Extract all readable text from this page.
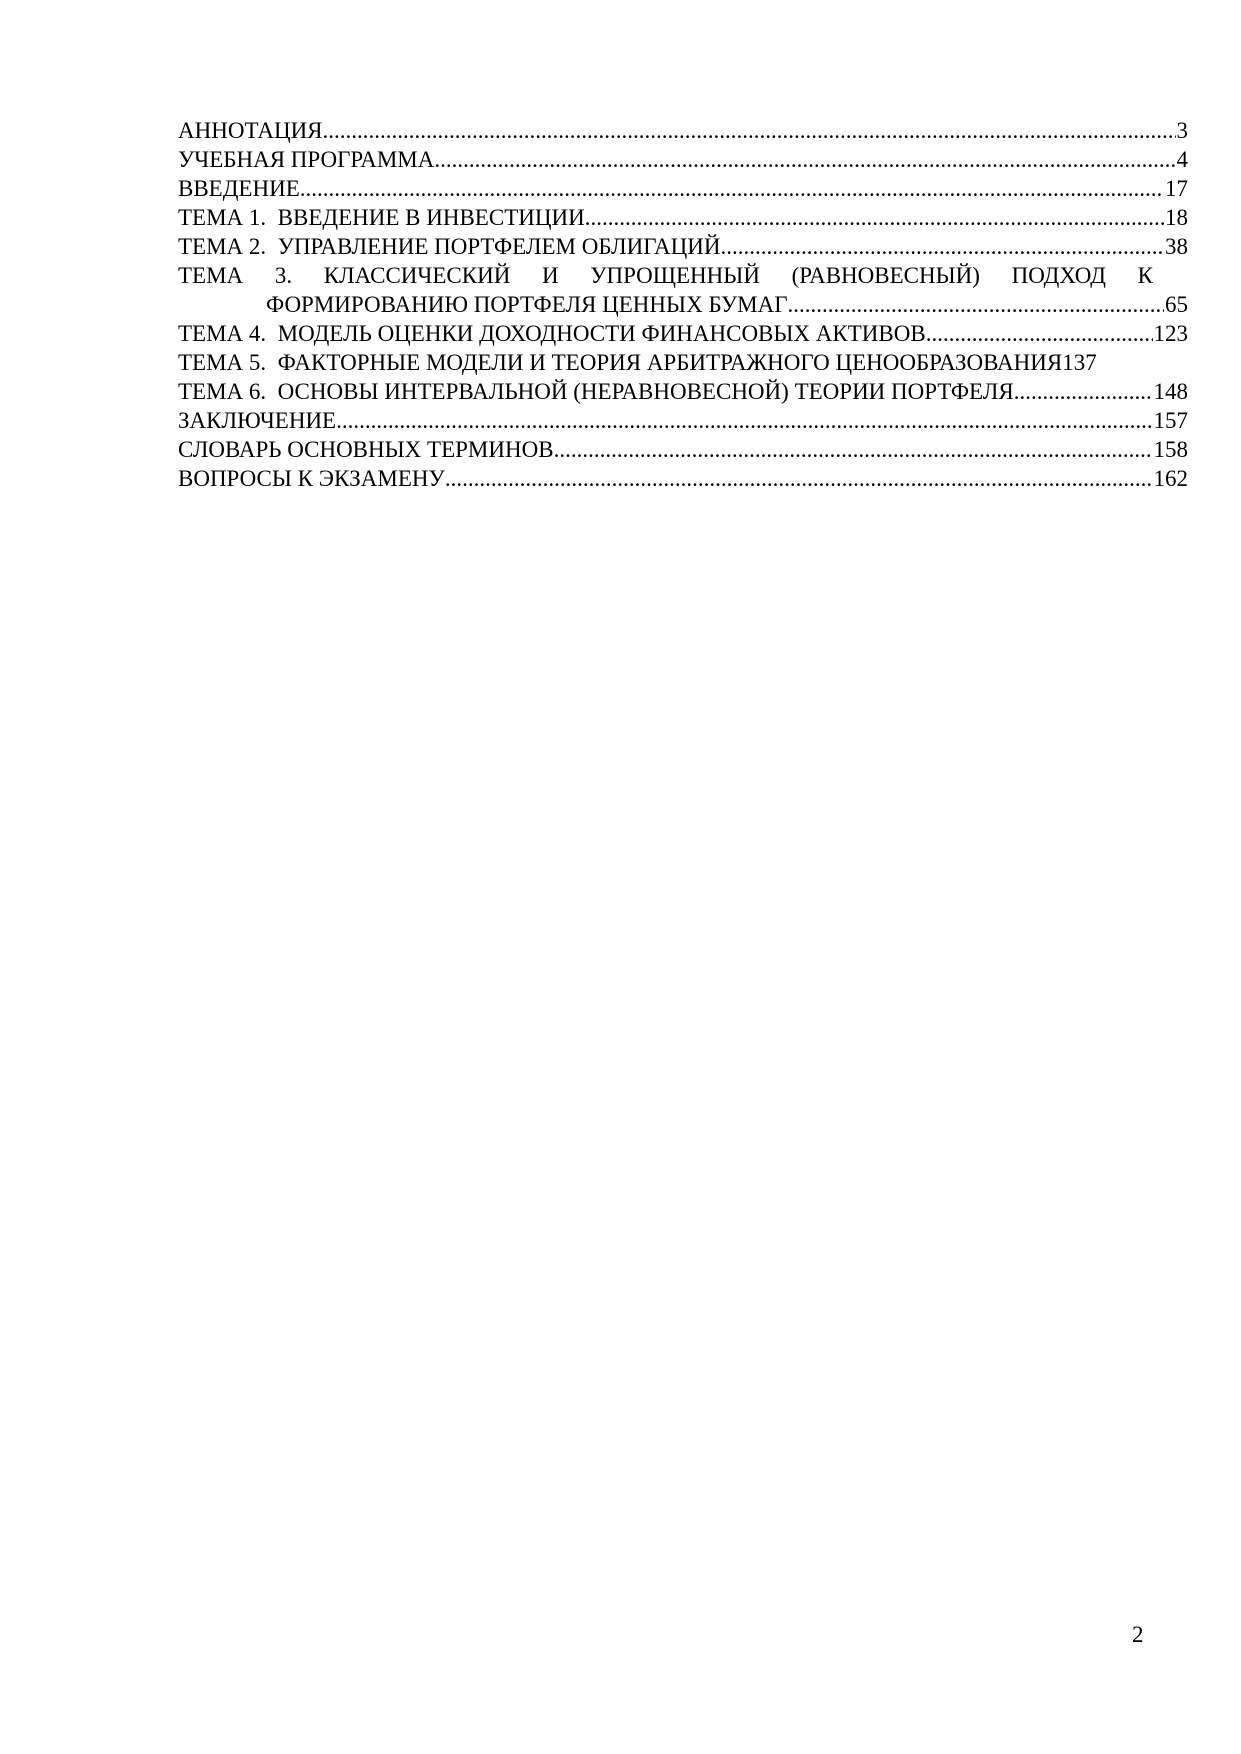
АННОТАЦИЯ .....	3
УЧЕБНАЯ ПРОГРАММА .....	4
ВВЕДЕНИЕ .....	17
ТЕМА 1.  ВВЕДЕНИЕ В ИНВЕСТИЦИИ .....	18
ТЕМА 2.  УПРАВЛЕНИЕ ПОРТФЕЛЕМ ОБЛИГАЦИЙ .....	38
ТЕМА 3. КЛАССИЧЕСКИЙ И УПРОЩЕННЫЙ (РАВНОВЕСНЫЙ) ПОДХОД К
ФОРМИРОВАНИЮ ПОРТФЕЛЯ ЦЕННЫХ БУМАГ .....	65
ТЕМА 4.  МОДЕЛЬ ОЦЕНКИ ДОХОДНОСТИ ФИНАНСОВЫХ АКТИВОВ .....	123
ТЕМА 5.  ФАКТОРНЫЕ МОДЕЛИ И ТЕОРИЯ АРБИТРАЖНОГО ЦЕНООБРАЗОВАНИЯ 137
ТЕМА 6.  ОСНОВЫ ИНТЕРВАЛЬНОЙ (НЕРАВНОВЕСНОЙ) ТЕОРИИ ПОРТФЕЛЯ .....	148
ЗАКЛЮЧЕНИЕ .....	157
СЛОВАРЬ ОСНОВНЫХ ТЕРМИНОВ .....	158
ВОПРОСЫ К ЭКЗАМЕНУ .....	162
2
